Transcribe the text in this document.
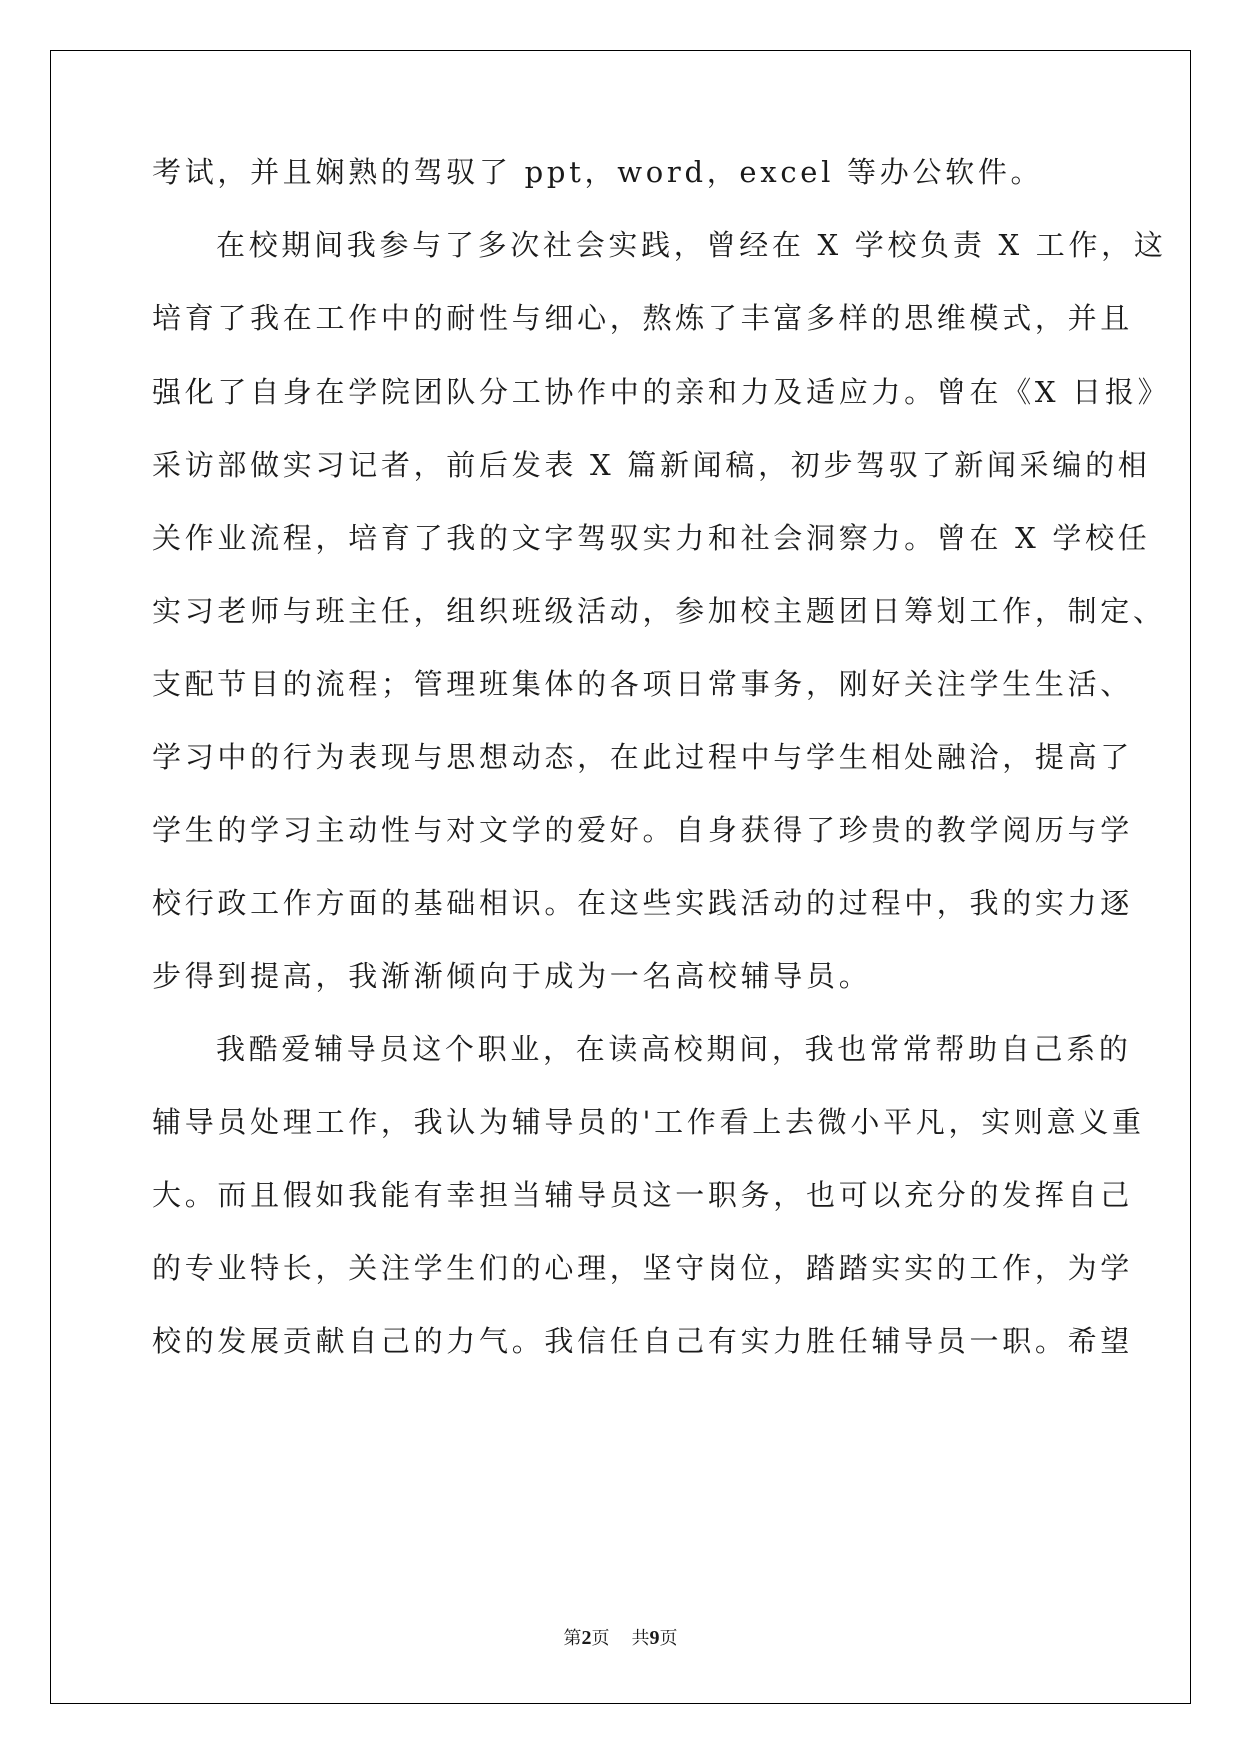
考试，并且娴熟的驾驭了 ppt，word，excel 等办公软件。
在校期间我参与了多次社会实践，曾经在 X 学校负责 X 工作，这
培育了我在工作中的耐性与细心，熬炼了丰富多样的思维模式，并且
强化了自身在学院团队分工协作中的亲和力及适应力。曾在《X 日报》
采访部做实习记者，前后发表 X 篇新闻稿，初步驾驭了新闻采编的相
关作业流程，培育了我的文字驾驭实力和社会洞察力。曾在 X 学校任
实习老师与班主任，组织班级活动，参加校主题团日筹划工作，制定、
支配节目的流程；管理班集体的各项日常事务，刚好关注学生生活、
学习中的行为表现与思想动态，在此过程中与学生相处融洽，提高了
学生的学习主动性与对文学的爱好。自身获得了珍贵的教学阅历与学
校行政工作方面的基础相识。在这些实践活动的过程中，我的实力逐
步得到提高，我渐渐倾向于成为一名高校辅导员。
我酷爱辅导员这个职业，在读高校期间，我也常常帮助自己系的
辅导员处理工作，我认为辅导员的'工作看上去微小平凡，实则意义重
大。而且假如我能有幸担当辅导员这一职务，也可以充分的发挥自己
的专业特长，关注学生们的心理，坚守岗位，踏踏实实的工作，为学
校的发展贡献自己的力气。我信任自己有实力胜任辅导员一职。希望
第2页 共9页
